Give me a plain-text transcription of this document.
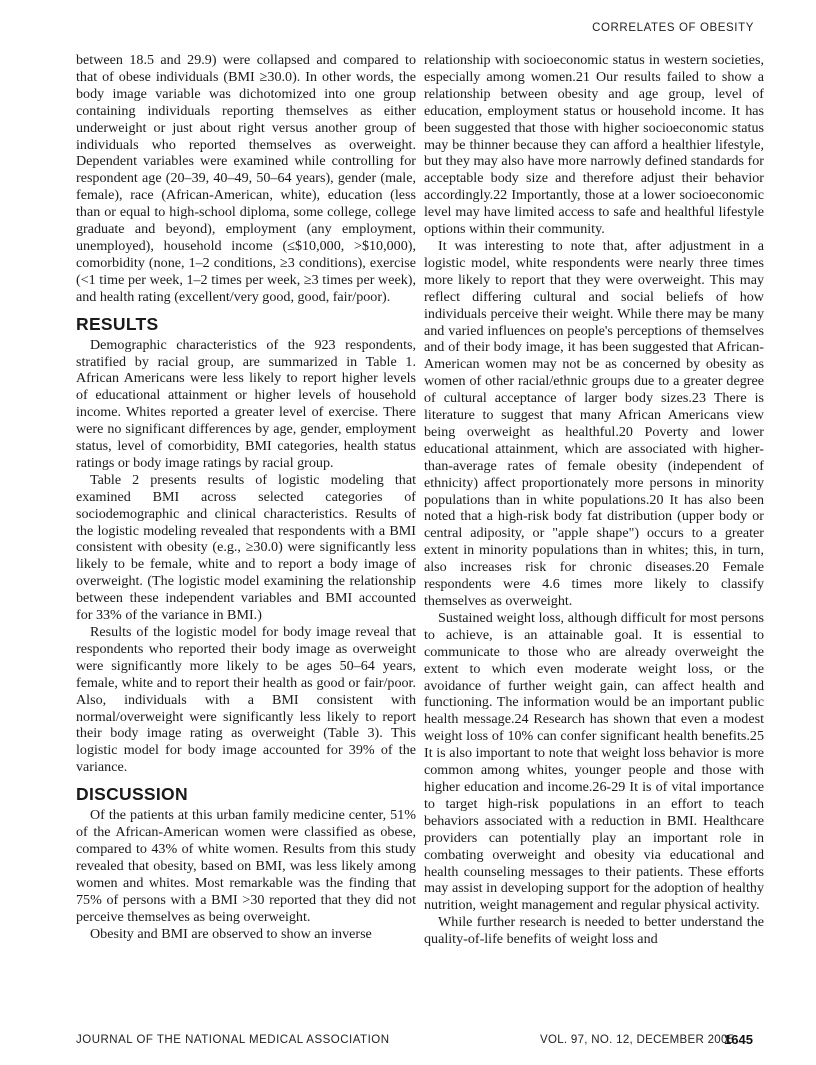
CORRELATES OF OBESITY

between 18.5 and 29.9) were collapsed and compared to that of obese individuals (BMI ≥30.0). In other words, the body image variable was dichotomized into one group containing individuals reporting themselves as either underweight or just about right versus another group of individuals who reported themselves as overweight. Dependent variables were examined while controlling for respondent age (20–39, 40–49, 50–64 years), gender (male, female), race (African-American, white), education (less than or equal to high-school diploma, some college, college graduate and beyond), employment (any employment, unemployed), household income (≤$10,000, >$10,000), comorbidity (none, 1–2 conditions, ≥3 conditions), exercise (<1 time per week, 1–2 times per week, ≥3 times per week), and health rating (excellent/very good, good, fair/poor).

RESULTS

Demographic characteristics of the 923 respondents, stratified by racial group, are summarized in Table 1. African Americans were less likely to report higher levels of educational attainment or higher levels of household income. Whites reported a greater level of exercise. There were no significant differences by age, gender, employment status, level of comorbidity, BMI categories, health status ratings or body image ratings by racial group.

Table 2 presents results of logistic modeling that examined BMI across selected categories of sociodemographic and clinical characteristics. Results of the logistic modeling revealed that respondents with a BMI consistent with obesity (e.g., ≥30.0) were significantly less likely to be female, white and to report a body image of overweight. (The logistic model examining the relationship between these independent variables and BMI accounted for 33% of the variance in BMI.)

Results of the logistic model for body image reveal that respondents who reported their body image as overweight were significantly more likely to be ages 50–64 years, female, white and to report their health as good or fair/poor. Also, individuals with a BMI consistent with normal/overweight were significantly less likely to report their body image rating as overweight (Table 3). This logistic model for body image accounted for 39% of the variance.

DISCUSSION

Of the patients at this urban family medicine center, 51% of the African-American women were classified as obese, compared to 43% of white women. Results from this study revealed that obesity, based on BMI, was less likely among women and whites. Most remarkable was the finding that 75% of persons with a BMI >30 reported that they did not perceive themselves as being overweight.

Obesity and BMI are observed to show an inverse

relationship with socioeconomic status in western societies, especially among women.21 Our results failed to show a relationship between obesity and age group, level of education, employment status or household income. It has been suggested that those with higher socioeconomic status may be thinner because they can afford a healthier lifestyle, but they may also have more narrowly defined standards for acceptable body size and therefore adjust their behavior accordingly.22 Importantly, those at a lower socioeconomic level may have limited access to safe and healthful lifestyle options within their community.

It was interesting to note that, after adjustment in a logistic model, white respondents were nearly three times more likely to report that they were overweight. This may reflect differing cultural and social beliefs of how individuals perceive their weight. While there may be many and varied influences on people's perceptions of themselves and of their body image, it has been suggested that African-American women may not be as concerned by obesity as women of other racial/ethnic groups due to a greater degree of cultural acceptance of larger body sizes.23 There is literature to suggest that many African Americans view being overweight as healthful.20 Poverty and lower educational attainment, which are associated with higher-than-average rates of female obesity (independent of ethnicity) affect proportionately more persons in minority populations than in white populations.20 It has also been noted that a high-risk body fat distribution (upper body or central adiposity, or "apple shape") occurs to a greater extent in minority populations than in whites; this, in turn, also increases risk for chronic diseases.20 Female respondents were 4.6 times more likely to classify themselves as overweight.

Sustained weight loss, although difficult for most persons to achieve, is an attainable goal. It is essential to communicate to those who are already overweight the extent to which even moderate weight loss, or the avoidance of further weight gain, can affect health and functioning. The information would be an important public health message.24 Research has shown that even a modest weight loss of 10% can confer significant health benefits.25 It is also important to note that weight loss behavior is more common among whites, younger people and those with higher education and income.26-29 It is of vital importance to target high-risk populations in an effort to teach behaviors associated with a reduction in BMI. Healthcare providers can potentially play an important role in combating overweight and obesity via educational and health counseling messages to their patients. These efforts may assist in developing support for the adoption of healthy nutrition, weight management and regular physical activity.

While further research is needed to better understand the quality-of-life benefits of weight loss and

JOURNAL OF THE NATIONAL MEDICAL ASSOCIATION	VOL. 97, NO. 12, DECEMBER 2005
1645
